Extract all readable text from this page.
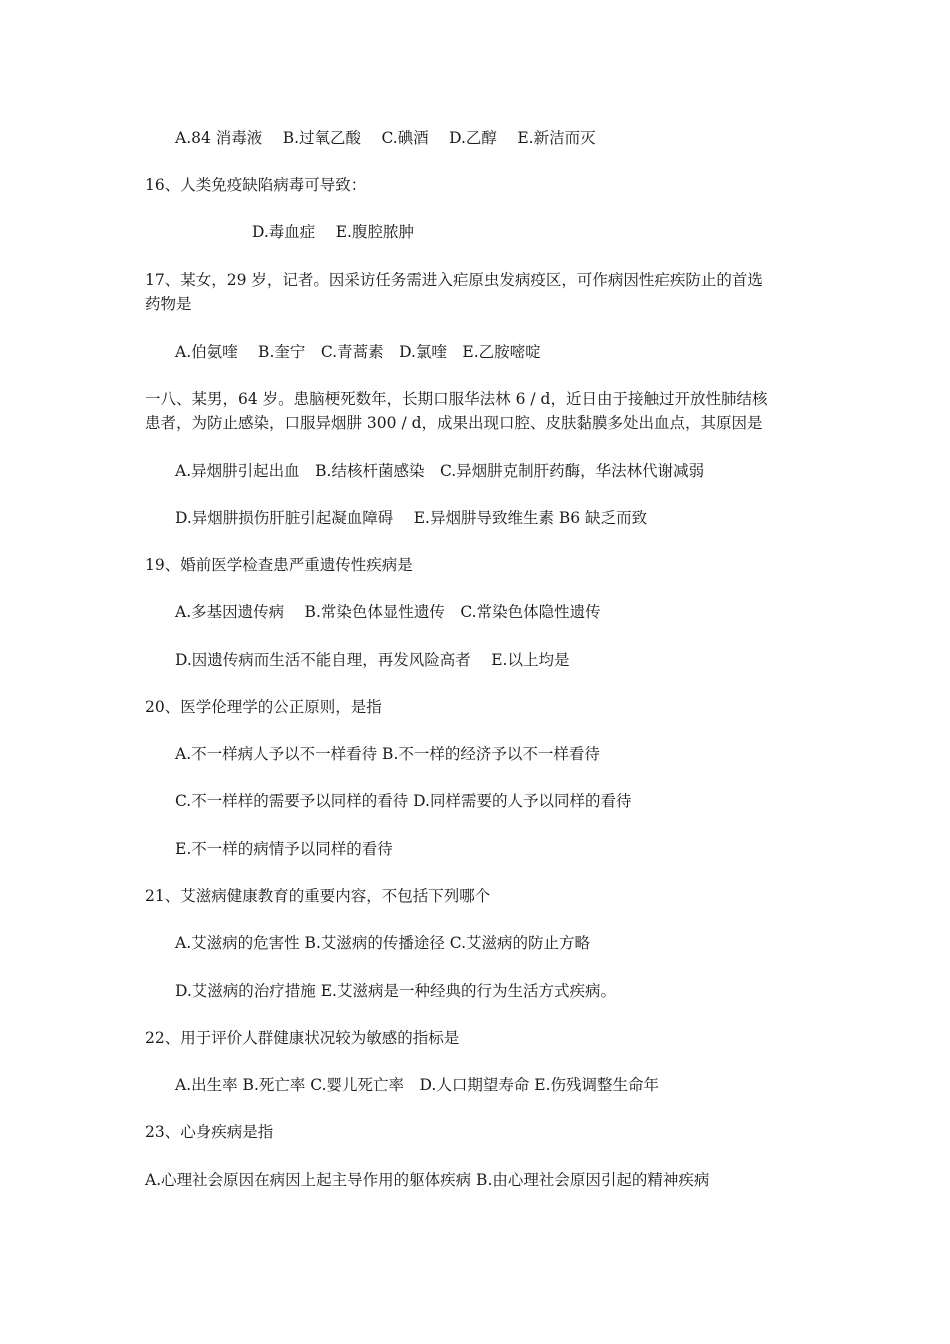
A.84 消毒液　 B.过氧乙酸　 C.碘酒　 D.乙醇　 E.新洁而灭
16、人类免疫缺陷病毒可导致：
D.毒血症　 E.腹腔脓肿
17、某女，29 岁，记者。因采访任务需进入疟原虫发病疫区，可作病因性疟疾防止的首选
药物是
A.伯氨喹　 B.奎宁　C.青蒿素　D.氯喹　E.乙胺嘧啶
一八、某男，64 岁。患脑梗死数年，长期口服华法林 6 / d，近日由于接触过开放性肺结核
患者，为防止感染，口服异烟肼 300 / d，成果出现口腔、皮肤黏膜多处出血点，其原因是
A.异烟肼引起出血　B.结核杆菌感染　C.异烟肼克制肝药酶，华法林代谢减弱
D.异烟肼损伤肝脏引起凝血障碍　 E.异烟肼导致维生素 B6 缺乏而致
19、婚前医学检查患严重遗传性疾病是
A.多基因遗传病　 B.常染色体显性遗传　C.常染色体隐性遗传
D.因遗传病而生活不能自理，再发风险高者　 E.以上均是
20、医学伦理学的公正原则，是指
A.不一样病人予以不一样看待 B.不一样的经济予以不一样看待
C.不一样样的需要予以同样的看待 D.同样需要的人予以同样的看待
E.不一样的病情予以同样的看待
21、艾滋病健康教育的重要内容，不包括下列哪个
A.艾滋病的危害性 B.艾滋病的传播途径 C.艾滋病的防止方略
D.艾滋病的治疗措施 E.艾滋病是一种经典的行为生活方式疾病。
22、用于评价人群健康状况较为敏感的指标是
A.出生率 B.死亡率 C.婴儿死亡率　D.人口期望寿命 E.伤残调整生命年
23、心身疾病是指
A.心理社会原因在病因上起主导作用的躯体疾病 B.由心理社会原因引起的精神疾病
